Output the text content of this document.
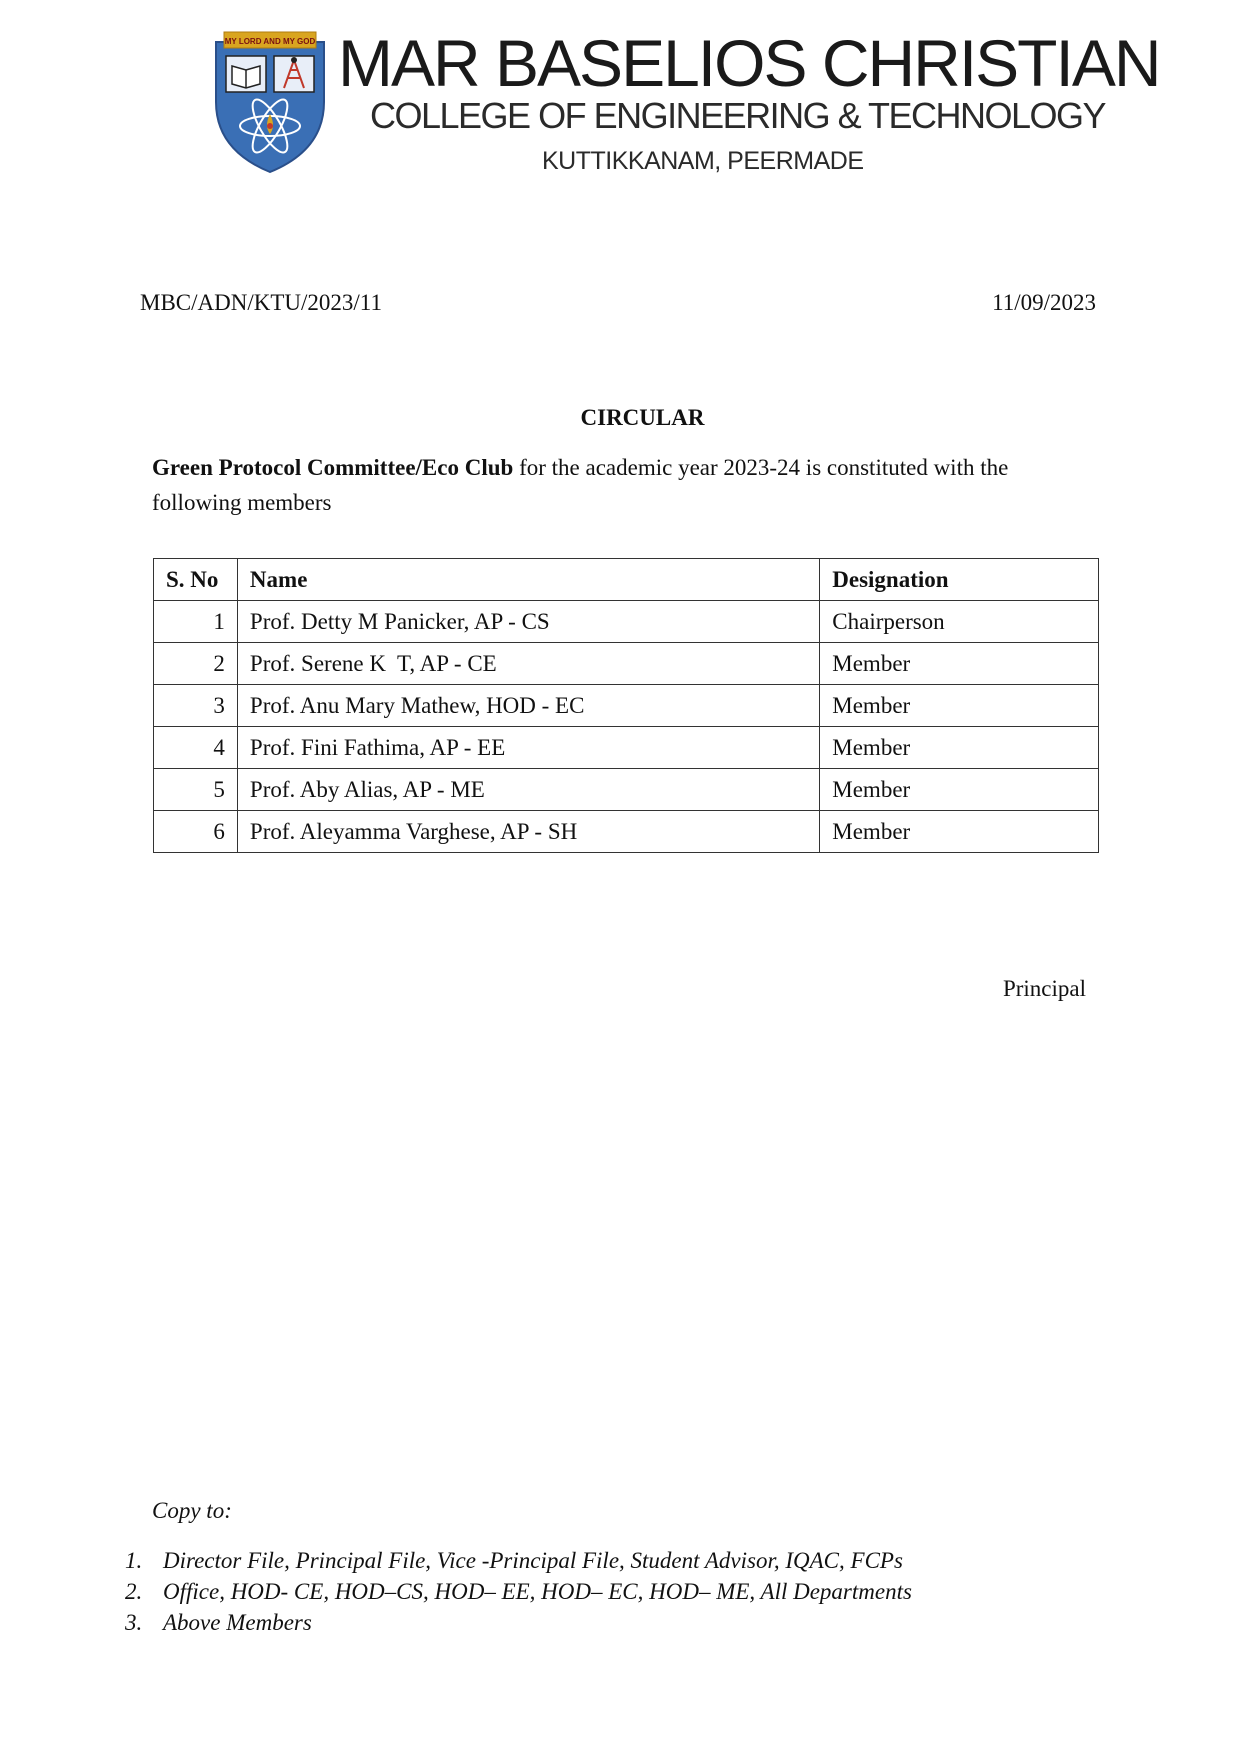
MY LORD AND MY GOD MAR BASELIOS CHRISTIAN
COLLEGE OF ENGINEERING & TECHNOLOGY
KUTTIKKANAM, PEERMADE
MBC/ADN/KTU/2023/11	11/09/2023
CIRCULAR
Green Protocol Committee/Eco Club for the academic year 2023-24 is constituted with the following members
S. No	Name	Designation
1	Prof. Detty M Panicker, AP - CS	Chairperson
2	Prof. Serene K  T, AP - CE	Member
3	Prof. Anu Mary Mathew, HOD - EC	Member
4	Prof. Fini Fathima, AP - EE	Member
5	Prof. Aby Alias, AP - ME	Member
6	Prof. Aleyamma Varghese, AP - SH	Member
Principal
Copy to:
1. Director File, Principal File, Vice -Principal File, Student Advisor, IQAC, FCPs
2. Office, HOD- CE, HOD–CS, HOD– EE, HOD– EC, HOD– ME, All Departments
3. Above Members
